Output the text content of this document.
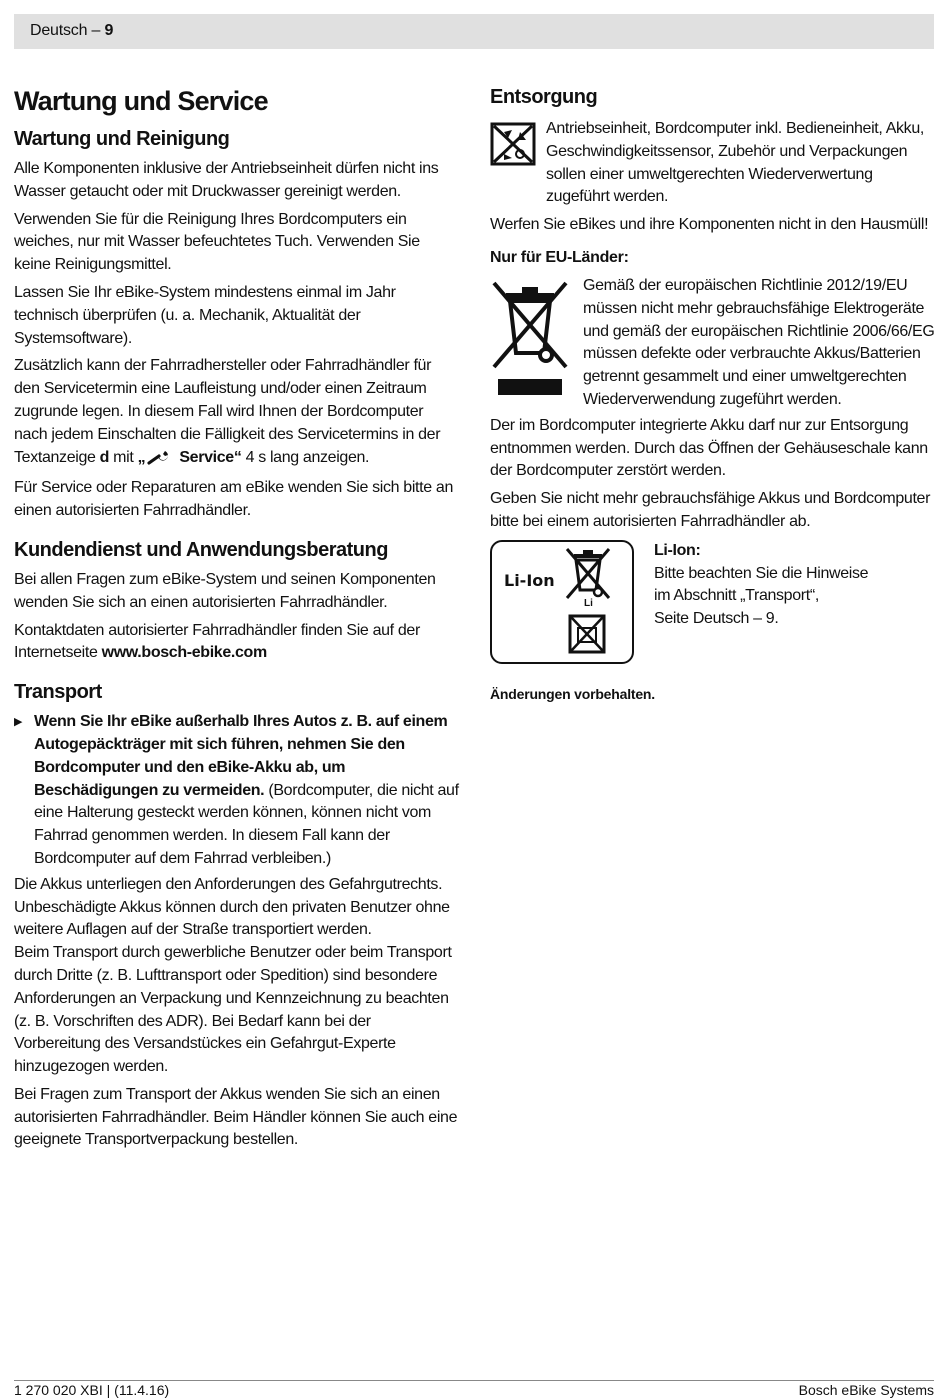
Deutsch – 9
Wartung und Service
Wartung und Reinigung

Alle Komponenten inklusive der Antriebseinheit dürfen nicht ins Wasser getaucht oder mit Druckwasser gereinigt werden.

Verwenden Sie für die Reinigung Ihres Bordcomputers ein weiches, nur mit Wasser befeuchtetes Tuch. Verwenden Sie keine Reinigungsmittel.

Lassen Sie Ihr eBike-System mindestens einmal im Jahr technisch überprüfen (u. a. Mechanik, Aktualität der Systemsoftware).

Zusätzlich kann der Fahrradhersteller oder Fahrradhändler für den Servicetermin eine Laufleistung und/oder einen Zeitraum zugrunde legen. In diesem Fall wird Ihnen der Bordcomputer nach jedem Einschalten die Fälligkeit des Servicetermins in der Textanzeige d mit „ Service“ 4 s lang anzeigen.

Für Service oder Reparaturen am eBike wenden Sie sich bitte an einen autorisierten Fahrradhändler.

Kundendienst und Anwendungsberatung

Bei allen Fragen zum eBike-System und seinen Komponenten wenden Sie sich an einen autorisierten Fahrradhändler.

Kontaktdaten autorisierter Fahrradhändler finden Sie auf der Internetseite www.bosch-ebike.com

Transport
▶ Wenn Sie Ihr eBike außerhalb Ihres Autos z. B. auf einem Autogepäckträger mit sich führen, nehmen Sie den Bordcomputer und den eBike-Akku ab, um Beschädigungen zu vermeiden. (Bordcomputer, die nicht auf eine Halterung gesteckt werden können, können nicht vom Fahrrad genommen werden. In diesem Fall kann der Bordcomputer auf dem Fahrrad verbleiben.)

Die Akkus unterliegen den Anforderungen des Gefahrgutrechts. Unbeschädigte Akkus können durch den privaten Benutzer ohne weitere Auflagen auf der Straße transportiert werden.

Beim Transport durch gewerbliche Benutzer oder beim Transport durch Dritte (z. B. Lufttransport oder Spedition) sind besondere Anforderungen an Verpackung und Kennzeichnung zu beachten (z. B. Vorschriften des ADR). Bei Bedarf kann bei der Vorbereitung des Versandstückes ein Gefahrgut-Experte hinzugezogen werden.

Bei Fragen zum Transport der Akkus wenden Sie sich an einen autorisierten Fahrradhändler. Beim Händler können Sie auch eine geeignete Transportverpackung bestellen.

Entsorgung
Antriebseinheit, Bordcomputer inkl. Bedieneinheit, Akku, Geschwindigkeitssensor, Zubehör und Verpackungen sollen einer umweltgerechten Wiederverwertung zugeführt werden.

Werfen Sie eBikes und ihre Komponenten nicht in den Hausmüll!

Nur für EU-Länder:
Gemäß der europäischen Richtlinie 2012/19/EU müssen nicht mehr gebrauchsfähige Elektrogeräte und gemäß der europäischen Richtlinie 2006/66/EG müssen defekte oder verbrauchte Akkus/Batterien getrennt gesammelt und einer umweltgerechten Wiederverwendung zugeführt werden.

Der im Bordcomputer integrierte Akku darf nur zur Entsorgung entnommen werden. Durch das Öffnen der Gehäuseschale kann der Bordcomputer zerstört werden.

Geben Sie nicht mehr gebrauchsfähige Akkus und Bordcomputer bitte bei einem autorisierten Fahrradhändler ab.

Li-Ion
Li
Li-Ion:
Bitte beachten Sie die Hinweise
im Abschnitt „Transport“,
Seite Deutsch – 9.
Änderungen vorbehalten.
1 270 020 XBI | (11.4.16)	Bosch eBike Systems
